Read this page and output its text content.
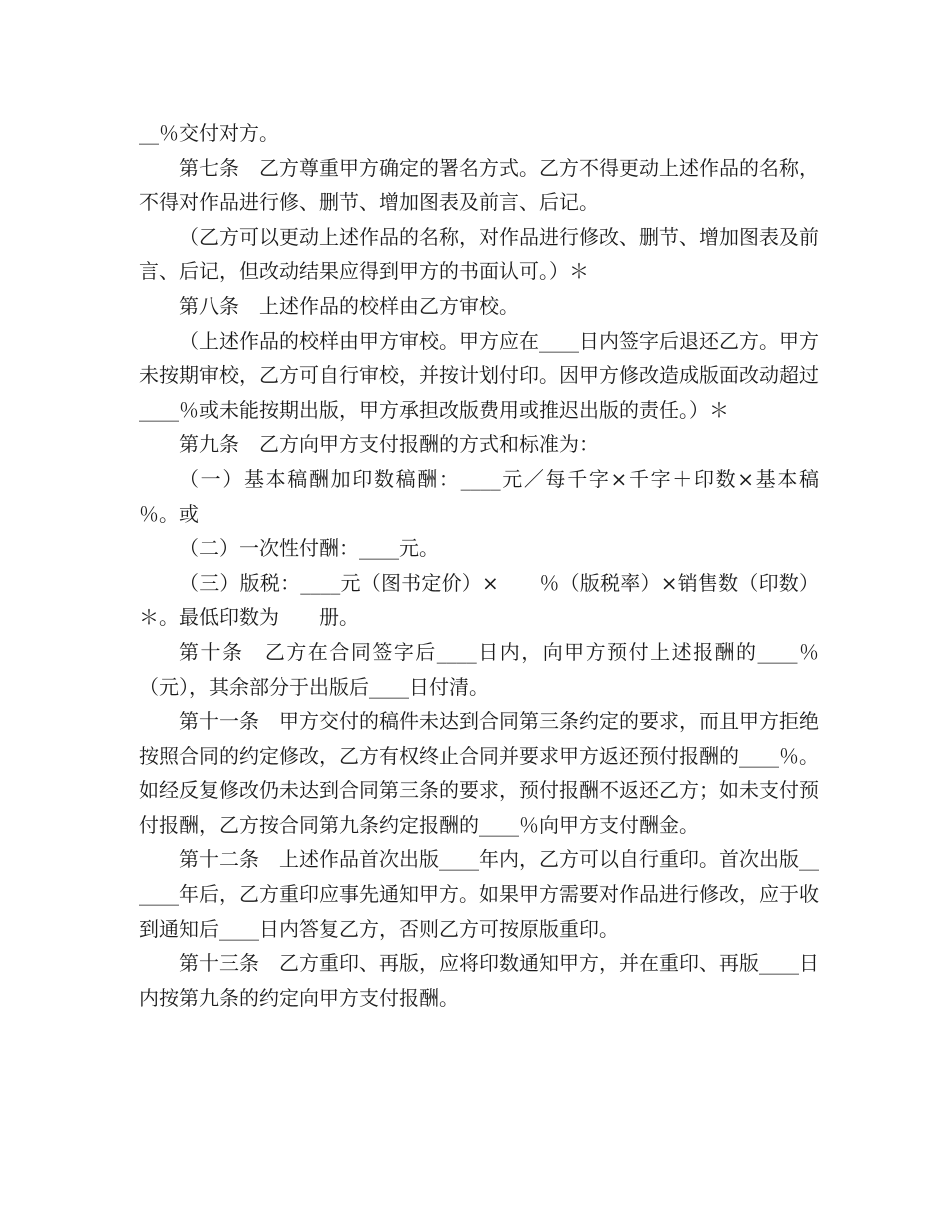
__％交付对方。

第七条　乙方尊重甲方确定的署名方式。乙方不得更动上述作品的名称，不得对作品进行修、删节、增加图表及前言、后记。

（乙方可以更动上述作品的名称，对作品进行修改、删节、增加图表及前言、后记，但改动结果应得到甲方的书面认可。）＊

第八条　上述作品的校样由乙方审校。

（上述作品的校样由甲方审校。甲方应在____日内签字后退还乙方。甲方未按期审校，乙方可自行审校，并按计划付印。因甲方修改造成版面改动超过____％或未能按期出版，甲方承担改版费用或推迟出版的责任。）＊

第九条　乙方向甲方支付报酬的方式和标准为：

（一）基本稿酬加印数稿酬：____元／每千字×千字＋印数×基本稿　％。或

（二）一次性付酬：____元。

（三）版税：____元（图书定价）×　　％（版税率）×销售数（印数）＊。最低印数为　　册。

第十条　乙方在合同签字后____日内，向甲方预付上述报酬的____％（元），其余部分于出版后____日付清。

第十一条　甲方交付的稿件未达到合同第三条约定的要求，而且甲方拒绝按照合同的约定修改，乙方有权终止合同并要求甲方返还预付报酬的____％。如经反复修改仍未达到合同第三条的要求，预付报酬不返还乙方；如未支付预付报酬，乙方按合同第九条约定报酬的____％向甲方支付酬金。

第十二条　上述作品首次出版____年内，乙方可以自行重印。首次出版______年后，乙方重印应事先通知甲方。如果甲方需要对作品进行修改，应于收到通知后____日内答复乙方，否则乙方可按原版重印。

第十三条　乙方重印、再版，应将印数通知甲方，并在重印、再版____日内按第九条的约定向甲方支付报酬。
